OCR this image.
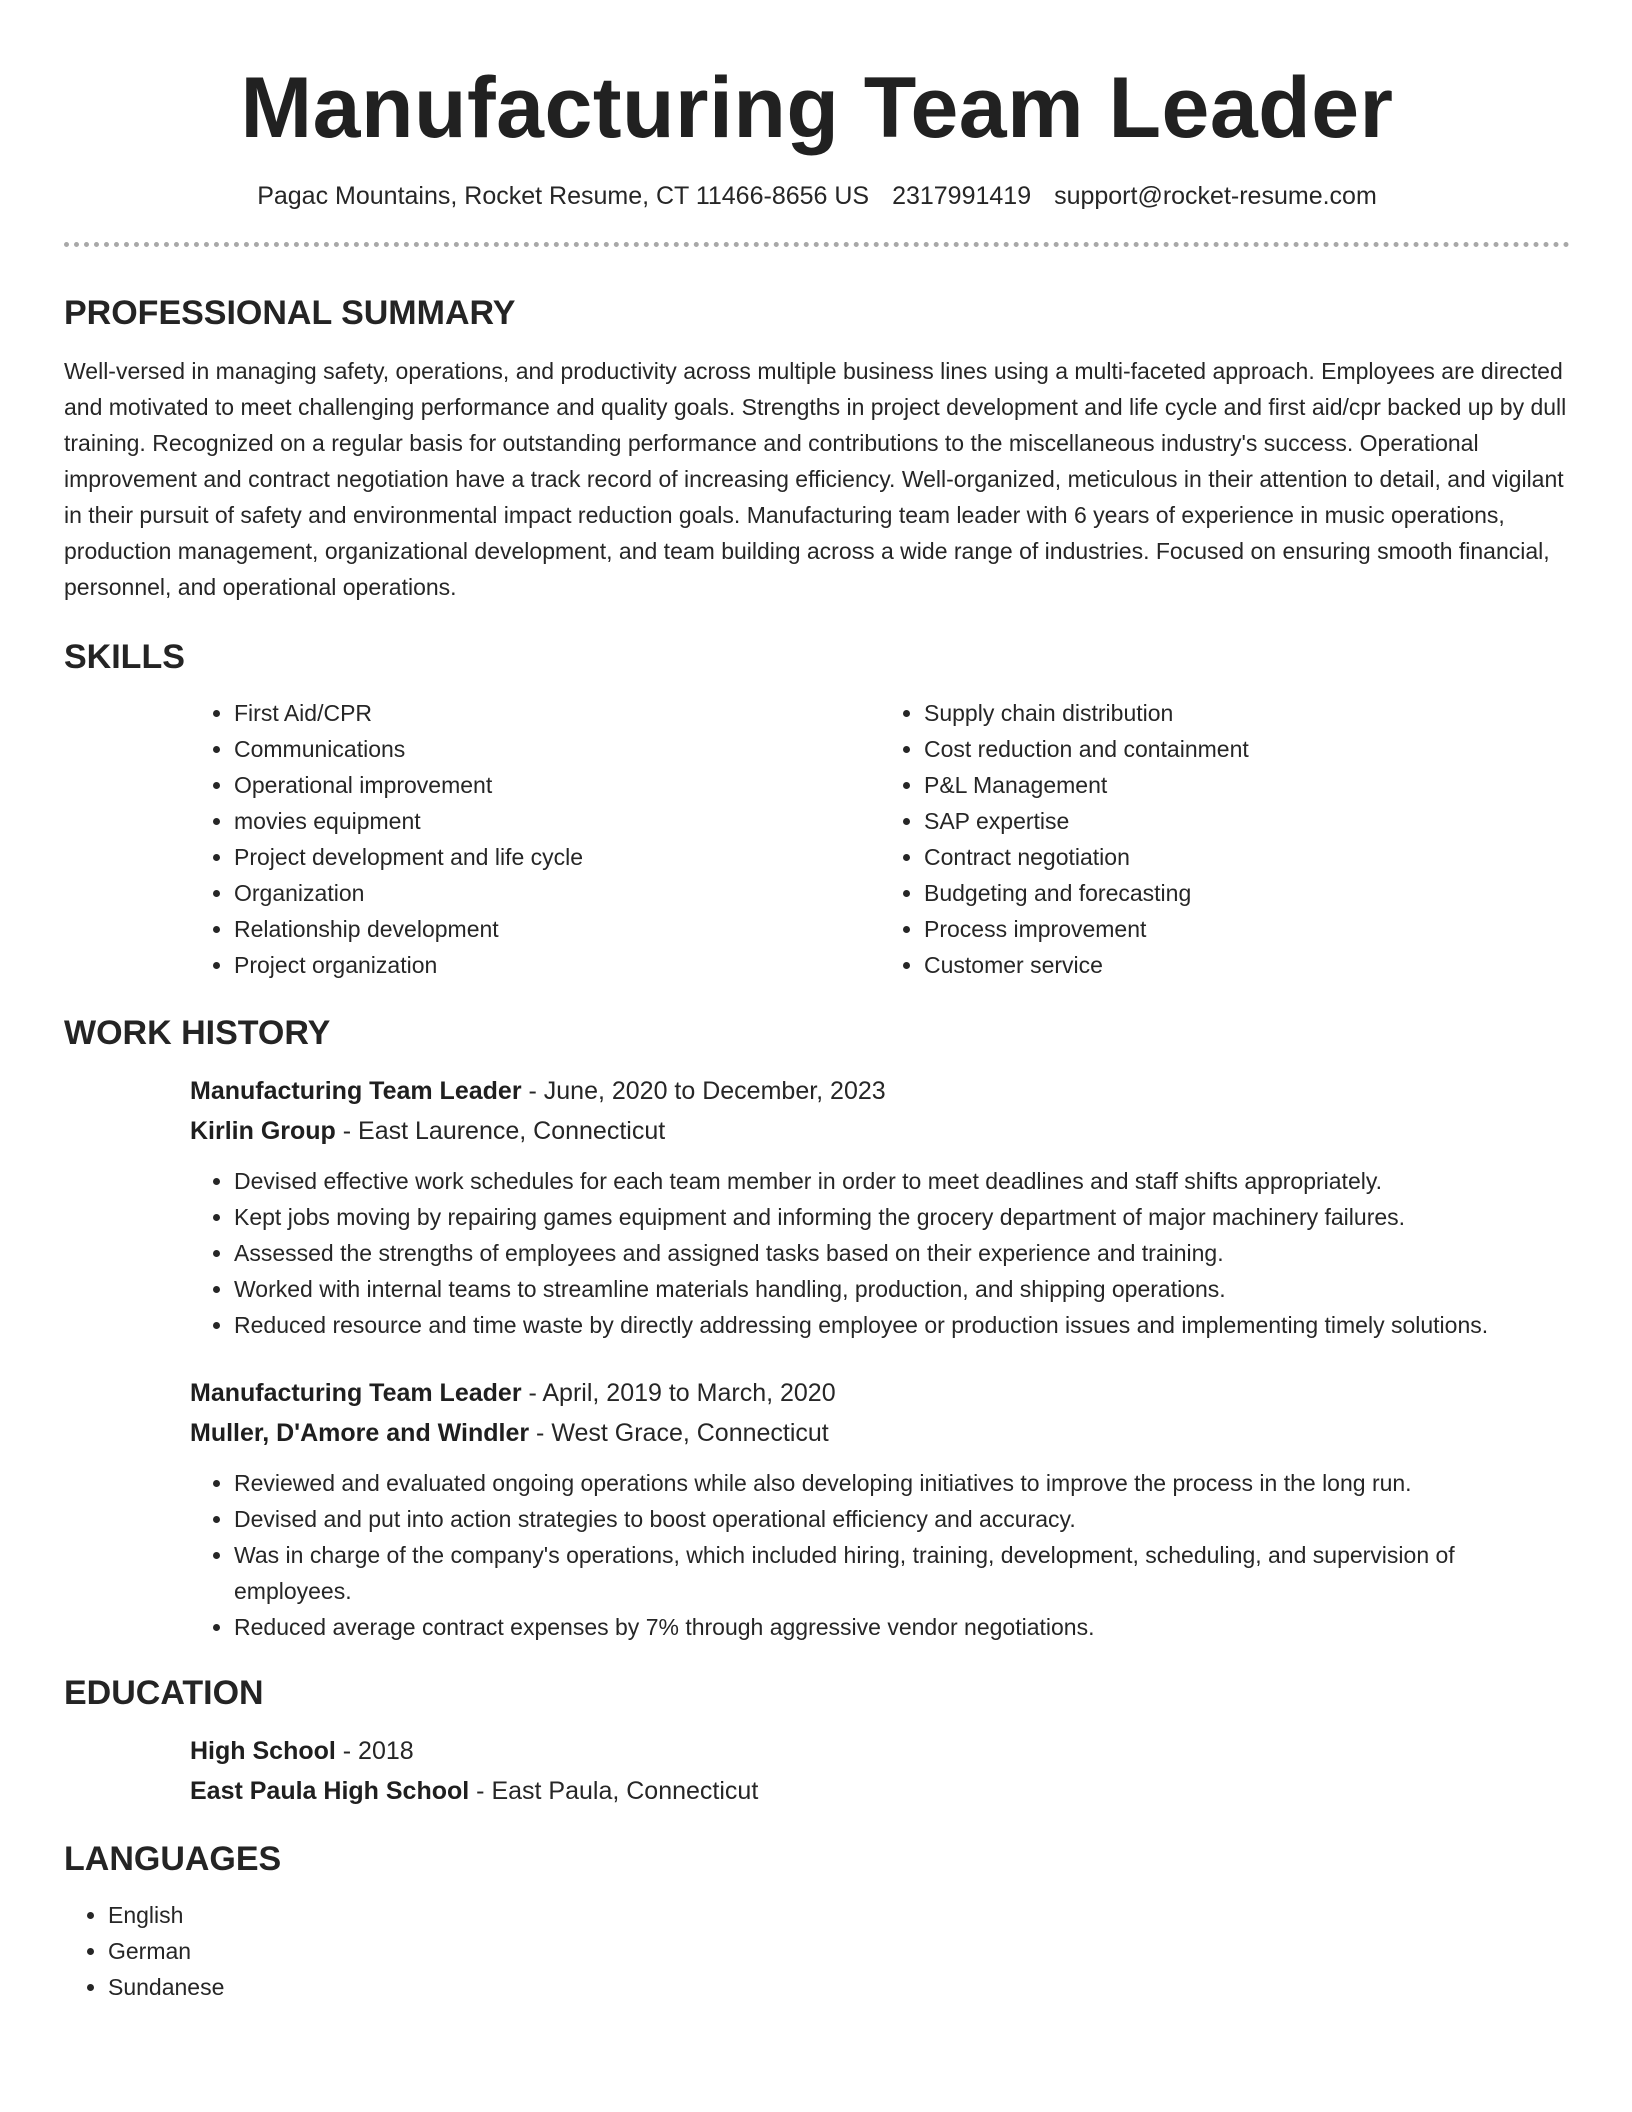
Manufacturing Team Leader
Pagac Mountains, Rocket Resume, CT 11466-8656 US 2317991419 support@rocket-resume.com
PROFESSIONAL SUMMARY

Well-versed in managing safety, operations, and productivity across multiple business lines using a multi-faceted approach. Employees are directed and motivated to meet challenging performance and quality goals. Strengths in project development and life cycle and first aid/cpr backed up by dull training. Recognized on a regular basis for outstanding performance and contributions to the miscellaneous industry's success. Operational improvement and contract negotiation have a track record of increasing efficiency. Well-organized, meticulous in their attention to detail, and vigilant in their pursuit of safety and environmental impact reduction goals. Manufacturing team leader with 6 years of experience in music operations, production management, organizational development, and team building across a wide range of industries. Focused on ensuring smooth financial, personnel, and operational operations.

SKILLS
• First Aid/CPR
• Communications
• Operational improvement
• movies equipment
• Project development and life cycle
• Organization
• Relationship development
• Project organization
• Supply chain distribution
• Cost reduction and containment
• P&L Management
• SAP expertise
• Contract negotiation
• Budgeting and forecasting
• Process improvement
• Customer service
WORK HISTORY
Manufacturing Team Leader - June, 2020 to December, 2023
Kirlin Group - East Laurence, Connecticut
• Devised effective work schedules for each team member in order to meet deadlines and staff shifts appropriately.
• Kept jobs moving by repairing games equipment and informing the grocery department of major machinery failures.
• Assessed the strengths of employees and assigned tasks based on their experience and training.
• Worked with internal teams to streamline materials handling, production, and shipping operations.
• Reduced resource and time waste by directly addressing employee or production issues and implementing timely solutions.
Manufacturing Team Leader - April, 2019 to March, 2020
Muller, D'Amore and Windler - West Grace, Connecticut
• Reviewed and evaluated ongoing operations while also developing initiatives to improve the process in the long run.
• Devised and put into action strategies to boost operational efficiency and accuracy.
• Was in charge of the company's operations, which included hiring, training, development, scheduling, and supervision of employees.
• Reduced average contract expenses by 7% through aggressive vendor negotiations.
EDUCATION
High School - 2018
East Paula High School - East Paula, Connecticut
LANGUAGES
• English
• German
• Sundanese
